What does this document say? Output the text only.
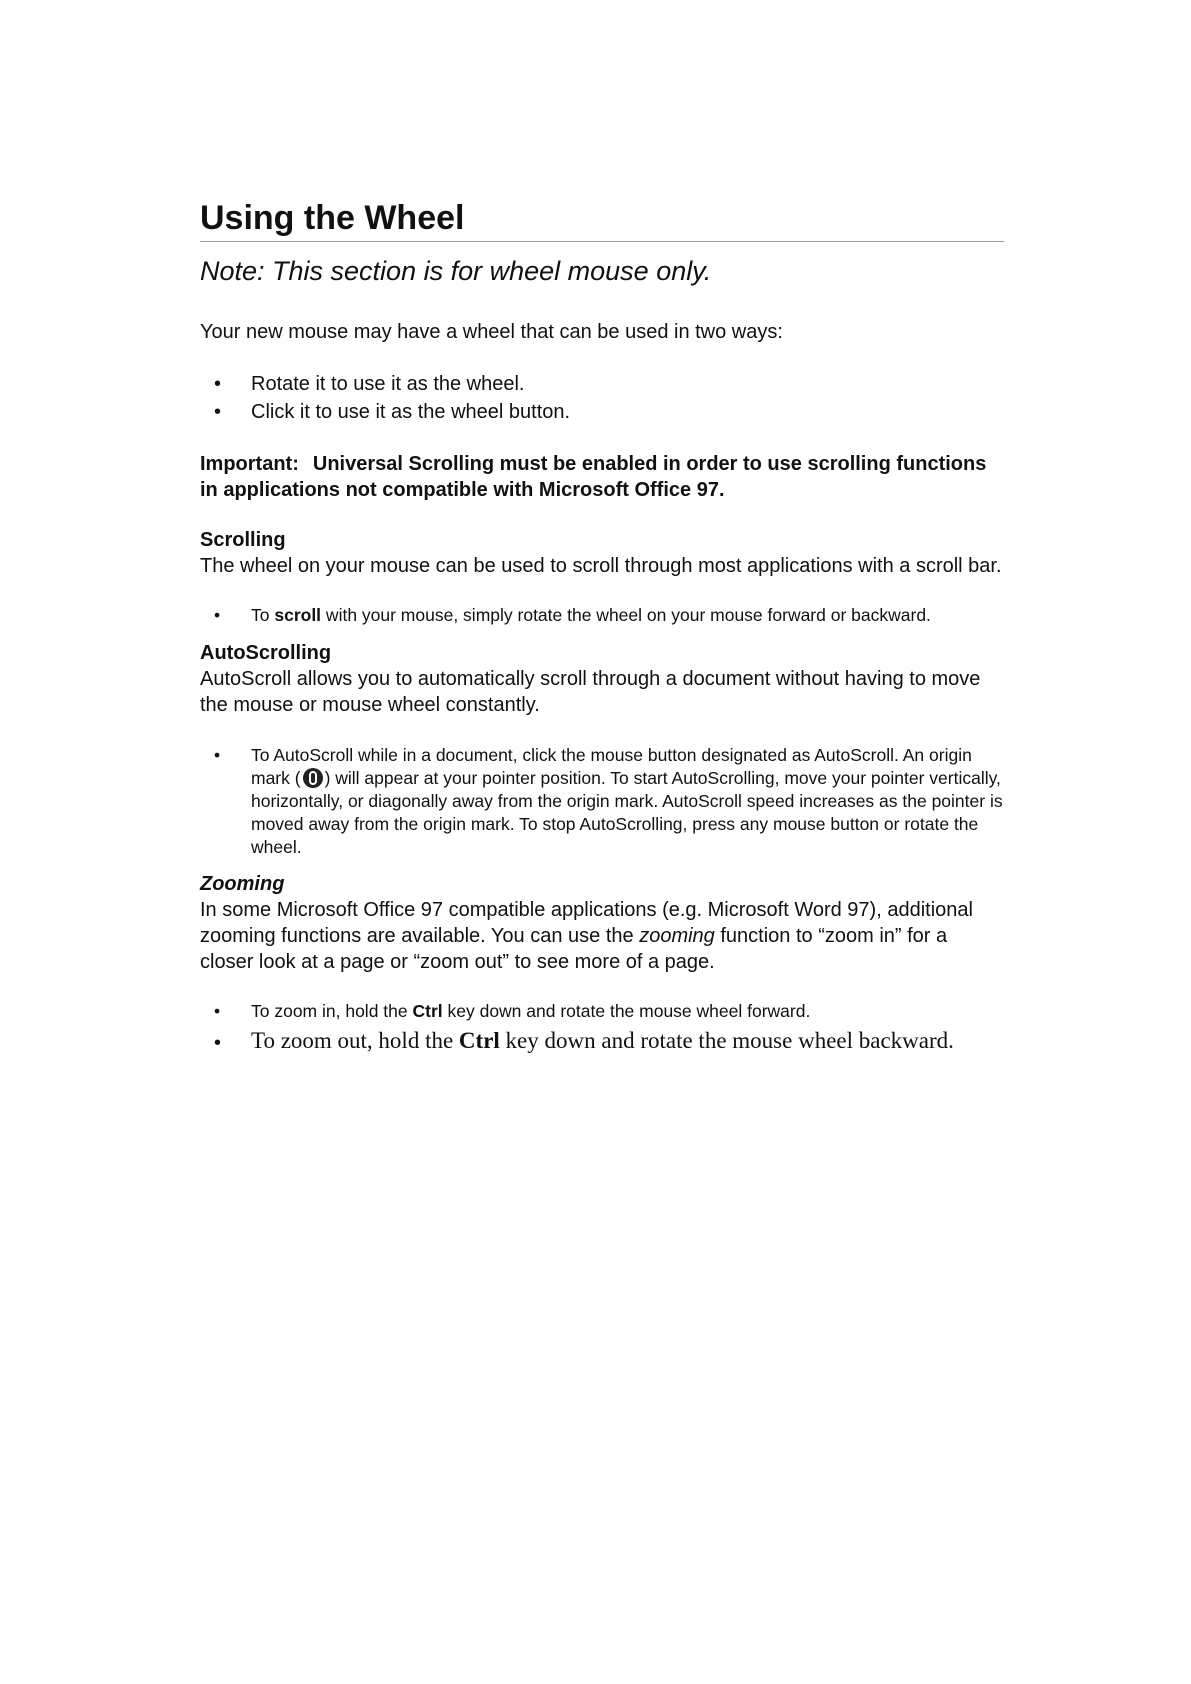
Using the Wheel

Note: This section is for wheel mouse only.

Your new mouse may have a wheel that can be used in two ways:

• Rotate it to use it as the wheel.
• Click it to use it as the wheel button.

Important: Universal Scrolling must be enabled in order to use scrolling functions in applications not compatible with Microsoft Office 97.

Scrolling

The wheel on your mouse can be used to scroll through most applications with a scroll bar.

• To scroll with your mouse, simply rotate the wheel on your mouse forward or backward.
AutoScrolling

AutoScroll allows you to automatically scroll through a document without having to move the mouse or mouse wheel constantly.

• To AutoScroll while in a document, click the mouse button designated as AutoScroll. An origin mark ( ) will appear at your pointer position. To start AutoScrolling, move your pointer vertically, horizontally, or diagonally away from the origin mark. AutoScroll speed increases as the pointer is moved away from the origin mark. To stop AutoScrolling, press any mouse button or rotate the wheel.
Zooming

In some Microsoft Office 97 compatible applications (e.g. Microsoft Word 97), additional zooming functions are available. You can use the zooming function to “zoom in” for a closer look at a page or “zoom out” to see more of a page.

• To zoom in, hold the Ctrl key down and rotate the mouse wheel forward.
• To zoom out, hold the Ctrl key down and rotate the mouse wheel backward.
